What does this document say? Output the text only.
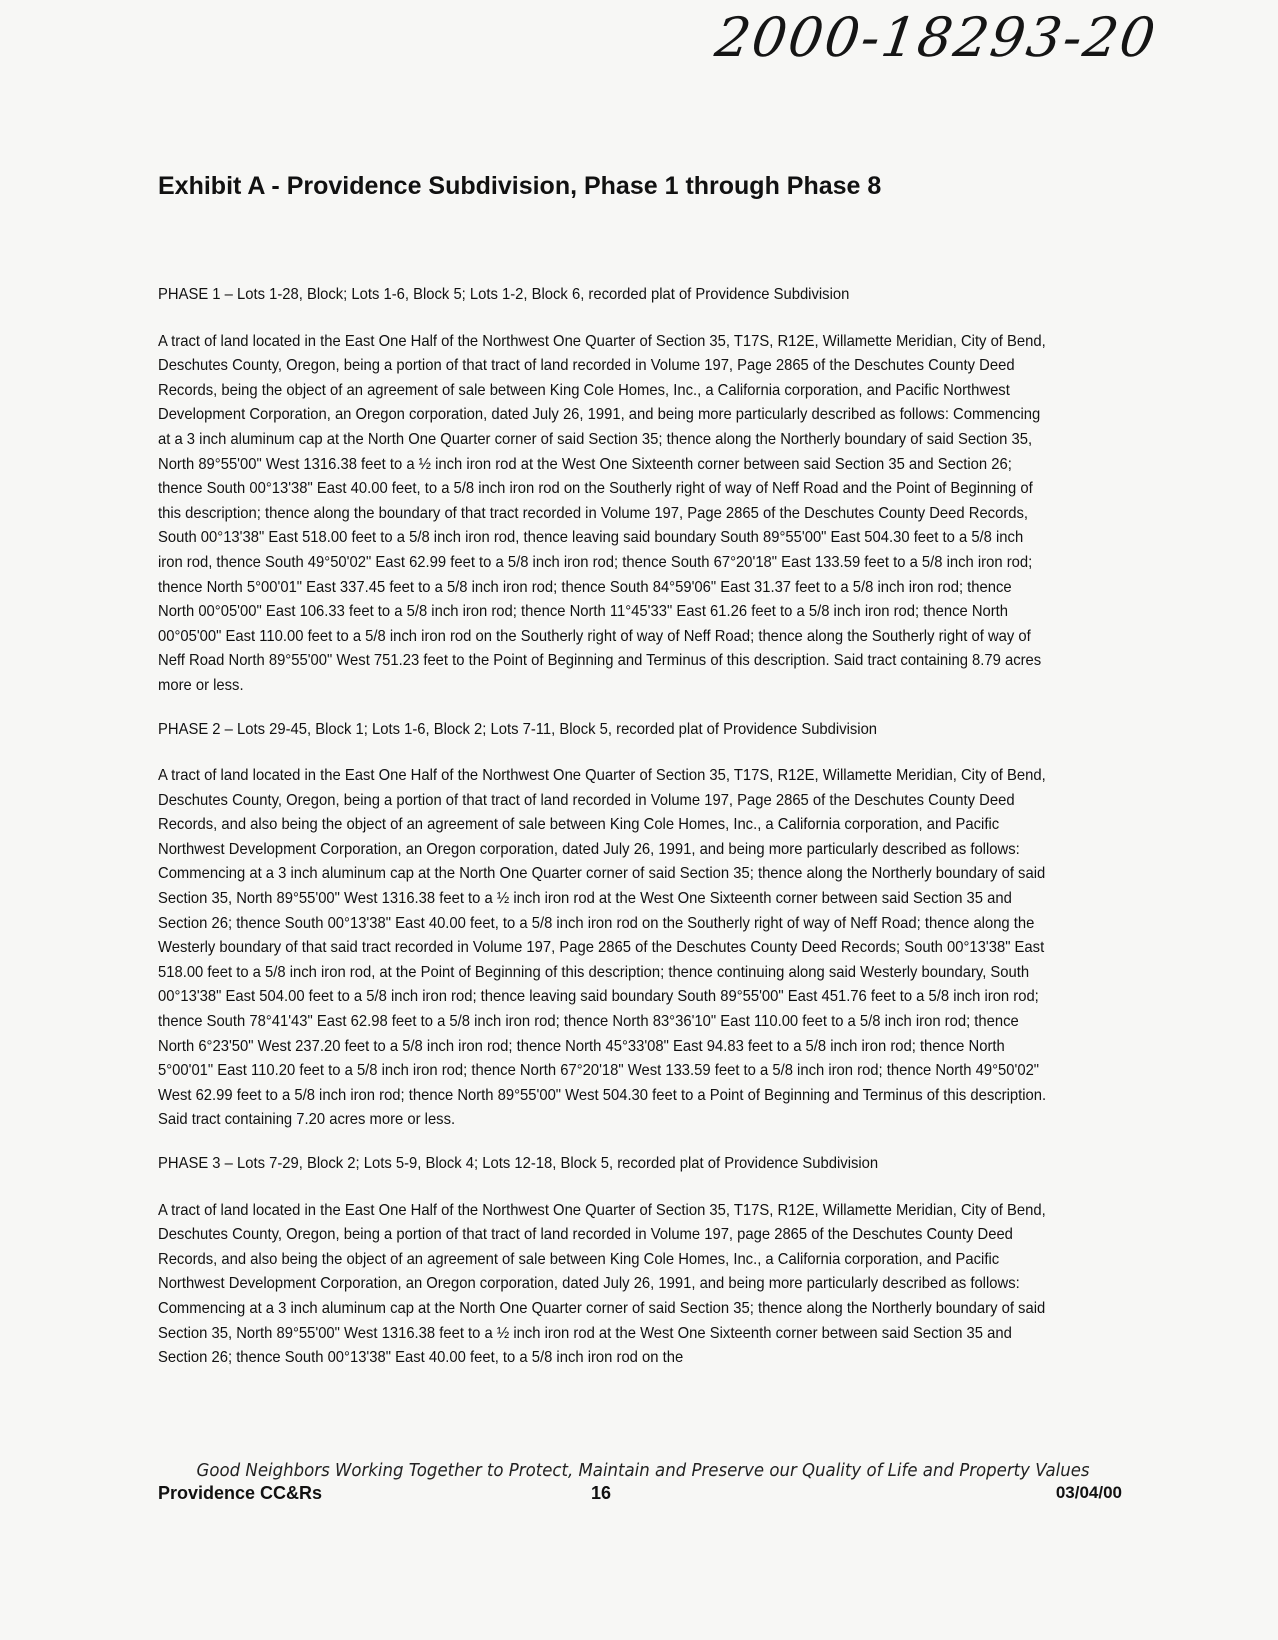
2000-18293-20
Exhibit A - Providence Subdivision, Phase 1 through Phase 8

PHASE 1 – Lots 1-28, Block; Lots 1-6, Block 5; Lots 1-2, Block 6, recorded plat of Providence Subdivision

A tract of land located in the East One Half of the Northwest One Quarter of Section 35, T17S, R12E, Willamette Meridian, City of Bend, Deschutes County, Oregon, being a portion of that tract of land recorded in Volume 197, Page 2865 of the Deschutes County Deed Records, being the object of an agreement of sale between King Cole Homes, Inc., a California corporation, and Pacific Northwest Development Corporation, an Oregon corporation, dated July 26, 1991, and being more particularly described as follows: Commencing at a 3 inch aluminum cap at the North One Quarter corner of said Section 35; thence along the Northerly boundary of said Section 35, North 89°55'00" West 1316.38 feet to a ½ inch iron rod at the West One Sixteenth corner between said Section 35 and Section 26; thence South 00°13'38" East 40.00 feet, to a 5/8 inch iron rod on the Southerly right of way of Neff Road and the Point of Beginning of this description; thence along the boundary of that tract recorded in Volume 197, Page 2865 of the Deschutes County Deed Records, South 00°13'38" East 518.00 feet to a 5/8 inch iron rod, thence leaving said boundary South 89°55'00" East 504.30 feet to a 5/8 inch iron rod, thence South 49°50'02" East 62.99 feet to a 5/8 inch iron rod; thence South 67°20'18" East 133.59 feet to a 5/8 inch iron rod; thence North 5°00'01" East 337.45 feet to a 5/8 inch iron rod; thence South 84°59'06" East 31.37 feet to a 5/8 inch iron rod; thence North 00°05'00" East 106.33 feet to a 5/8 inch iron rod; thence North 11°45'33" East 61.26 feet to a 5/8 inch iron rod; thence North 00°05'00" East 110.00 feet to a 5/8 inch iron rod on the Southerly right of way of Neff Road; thence along the Southerly right of way of Neff Road North 89°55'00" West 751.23 feet to the Point of Beginning and Terminus of this description. Said tract containing 8.79 acres more or less.

PHASE 2 – Lots 29-45, Block 1; Lots 1-6, Block 2; Lots 7-11, Block 5, recorded plat of Providence Subdivision

A tract of land located in the East One Half of the Northwest One Quarter of Section 35, T17S, R12E, Willamette Meridian, City of Bend, Deschutes County, Oregon, being a portion of that tract of land recorded in Volume 197, Page 2865 of the Deschutes County Deed Records, and also being the object of an agreement of sale between King Cole Homes, Inc., a California corporation, and Pacific Northwest Development Corporation, an Oregon corporation, dated July 26, 1991, and being more particularly described as follows: Commencing at a 3 inch aluminum cap at the North One Quarter corner of said Section 35; thence along the Northerly boundary of said Section 35, North 89°55'00" West 1316.38 feet to a ½ inch iron rod at the West One Sixteenth corner between said Section 35 and Section 26; thence South 00°13'38" East 40.00 feet, to a 5/8 inch iron rod on the Southerly right of way of Neff Road; thence along the Westerly boundary of that said tract recorded in Volume 197, Page 2865 of the Deschutes County Deed Records; South 00°13'38" East 518.00 feet to a 5/8 inch iron rod, at the Point of Beginning of this description; thence continuing along said Westerly boundary, South 00°13'38" East 504.00 feet to a 5/8 inch iron rod; thence leaving said boundary South 89°55'00" East 451.76 feet to a 5/8 inch iron rod; thence South 78°41'43" East 62.98 feet to a 5/8 inch iron rod; thence North 83°36'10" East 110.00 feet to a 5/8 inch iron rod; thence North 6°23'50" West 237.20 feet to a 5/8 inch iron rod; thence North 45°33'08" East 94.83 feet to a 5/8 inch iron rod; thence North 5°00'01" East 110.20 feet to a 5/8 inch iron rod; thence North 67°20'18" West 133.59 feet to a 5/8 inch iron rod; thence North 49°50'02" West 62.99 feet to a 5/8 inch iron rod; thence North 89°55'00" West 504.30 feet to a Point of Beginning and Terminus of this description. Said tract containing 7.20 acres more or less.

PHASE 3 – Lots 7-29, Block 2; Lots 5-9, Block 4; Lots 12-18, Block 5, recorded plat of Providence Subdivision

A tract of land located in the East One Half of the Northwest One Quarter of Section 35, T17S, R12E, Willamette Meridian, City of Bend, Deschutes County, Oregon, being a portion of that tract of land recorded in Volume 197, page 2865 of the Deschutes County Deed Records, and also being the object of an agreement of sale between King Cole Homes, Inc., a California corporation, and Pacific Northwest Development Corporation, an Oregon corporation, dated July 26, 1991, and being more particularly described as follows: Commencing at a 3 inch aluminum cap at the North One Quarter corner of said Section 35; thence along the Northerly boundary of said Section 35, North 89°55'00" West 1316.38 feet to a ½ inch iron rod at the West One Sixteenth corner between said Section 35 and Section 26; thence South 00°13'38" East 40.00 feet, to a 5/8 inch iron rod on the

Good Neighbors Working Together to Protect, Maintain and Preserve our Quality of Life and Property Values
Providence CC&Rs	16	03/04/00
